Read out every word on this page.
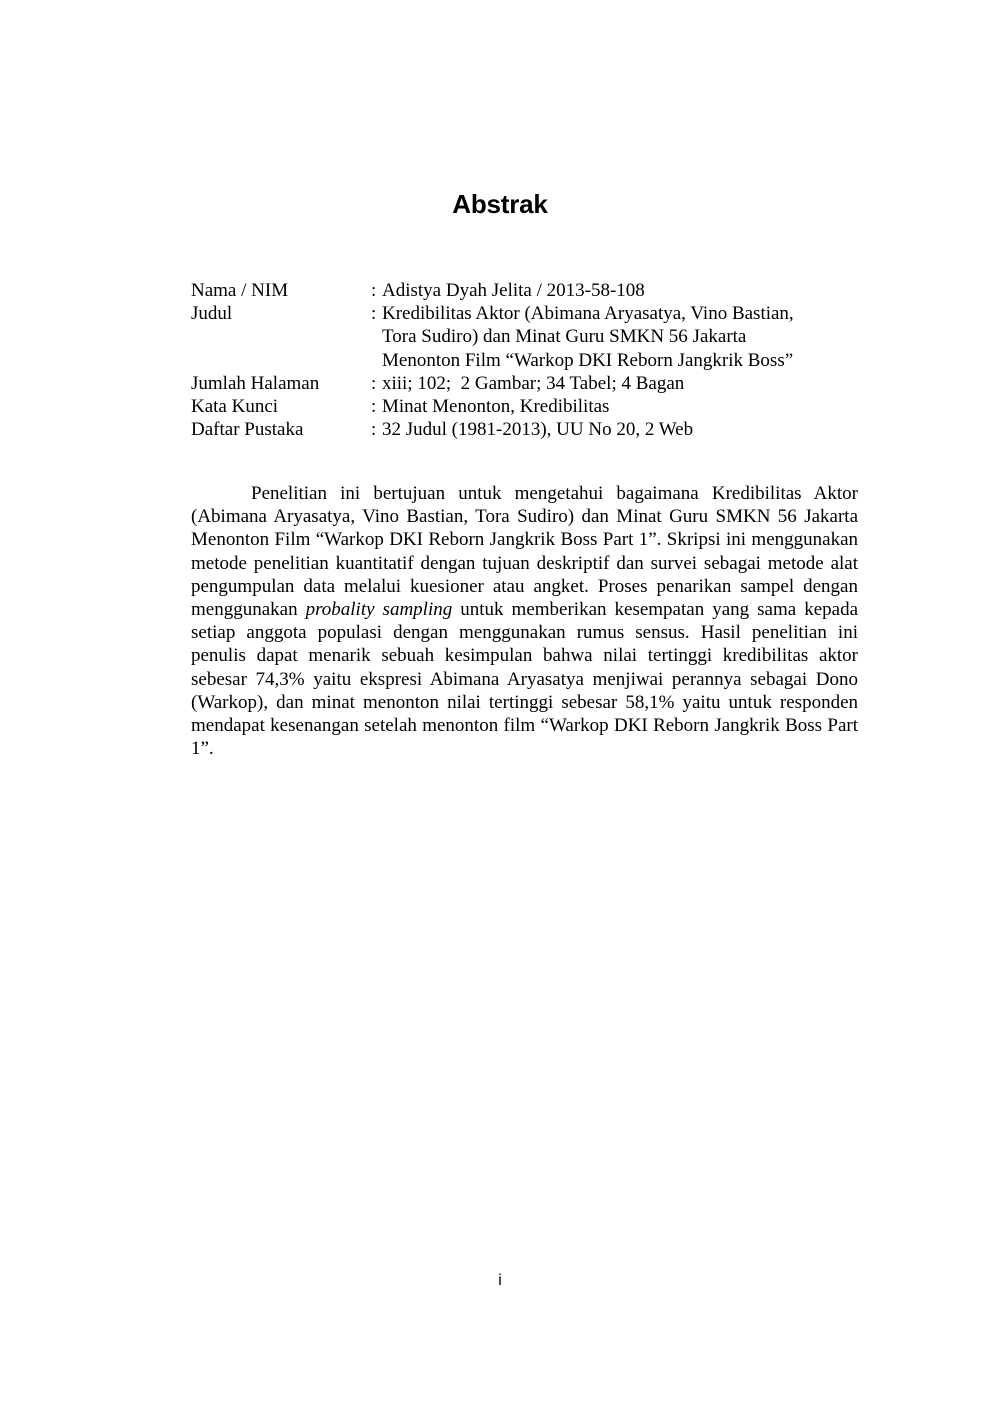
Abstrak
Nama / NIM	: Adistya Dyah Jelita / 2013-58-108
Judul	: Kredibilitas Aktor (Abimana Aryasatya, Vino Bastian,
Tora Sudiro) dan Minat Guru SMKN 56 Jakarta
Menonton Film “Warkop DKI Reborn Jangkrik Boss”
Jumlah Halaman	: xiii; 102;  2 Gambar; 34 Tabel; 4 Bagan
Kata Kunci	: Minat Menonton, Kredibilitas
Daftar Pustaka	: 32 Judul (1981-2013), UU No 20, 2 Web

Penelitian ini bertujuan untuk mengetahui bagaimana Kredibilitas Aktor (Abimana Aryasatya, Vino Bastian, Tora Sudiro) dan Minat Guru SMKN 56 Jakarta Menonton Film “Warkop DKI Reborn Jangkrik Boss Part 1”. Skripsi ini menggunakan metode penelitian kuantitatif dengan tujuan deskriptif dan survei sebagai metode alat pengumpulan data melalui kuesioner atau angket. Proses penarikan sampel dengan menggunakan probality sampling untuk memberikan kesempatan yang sama kepada setiap anggota populasi dengan menggunakan rumus sensus. Hasil penelitian ini penulis dapat menarik sebuah kesimpulan bahwa nilai tertinggi kredibilitas aktor sebesar 74,3% yaitu ekspresi Abimana Aryasatya menjiwai perannya sebagai Dono (Warkop), dan minat menonton nilai tertinggi sebesar 58,1% yaitu untuk responden mendapat kesenangan setelah menonton film “Warkop DKI Reborn Jangkrik Boss Part 1”.

i
